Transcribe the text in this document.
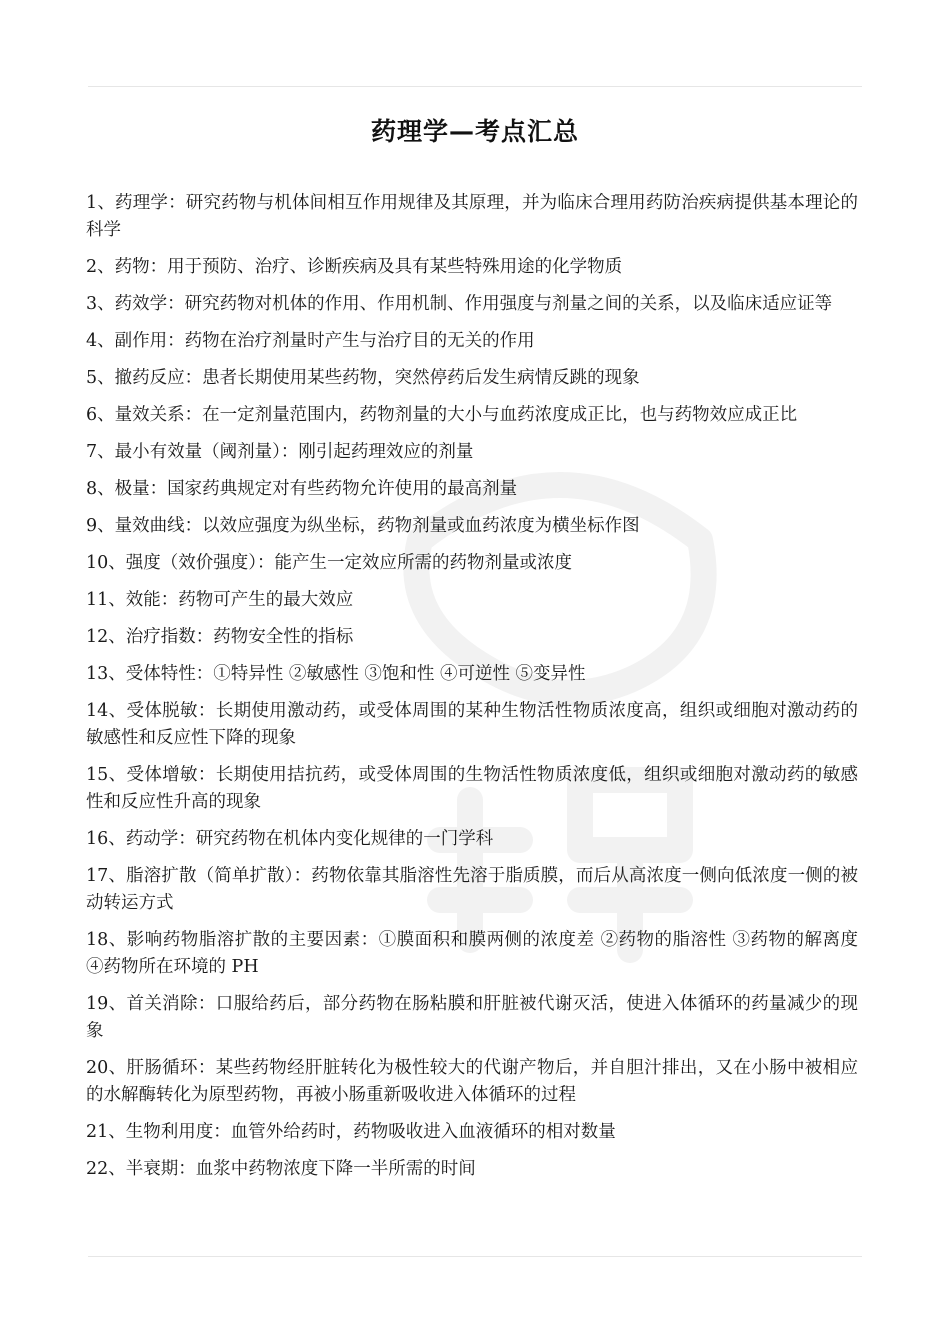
药理学—考点汇总
1、药理学：研究药物与机体间相互作用规律及其原理，并为临床合理用药防治疾病提供基本理论的科学
2、药物：用于预防、治疗、诊断疾病及具有某些特殊用途的化学物质
3、药效学：研究药物对机体的作用、作用机制、作用强度与剂量之间的关系，以及临床适应证等
4、副作用：药物在治疗剂量时产生与治疗目的无关的作用
5、撤药反应：患者长期使用某些药物，突然停药后发生病情反跳的现象
6、量效关系：在一定剂量范围内，药物剂量的大小与血药浓度成正比，也与药物效应成正比
7、最小有效量（阈剂量）：刚引起药理效应的剂量
8、极量：国家药典规定对有些药物允许使用的最高剂量
9、量效曲线：以效应强度为纵坐标，药物剂量或血药浓度为横坐标作图
10、强度（效价强度）：能产生一定效应所需的药物剂量或浓度
11、效能：药物可产生的最大效应
12、治疗指数：药物安全性的指标
13、受体特性：①特异性 ②敏感性 ③饱和性 ④可逆性 ⑤变异性
14、受体脱敏：长期使用激动药，或受体周围的某种生物活性物质浓度高，组织或细胞对激动药的敏感性和反应性下降的现象
15、受体增敏：长期使用拮抗药，或受体周围的生物活性物质浓度低，组织或细胞对激动药的敏感性和反应性升高的现象
16、药动学：研究药物在机体内变化规律的一门学科
17、脂溶扩散（简单扩散）：药物依靠其脂溶性先溶于脂质膜，而后从高浓度一侧向低浓度一侧的被动转运方式
18、影响药物脂溶扩散的主要因素：①膜面积和膜两侧的浓度差 ②药物的脂溶性 ③药物的解离度 ④药物所在环境的 PH
19、首关消除：口服给药后，部分药物在肠粘膜和肝脏被代谢灭活，使进入体循环的药量减少的现象
20、肝肠循环：某些药物经肝脏转化为极性较大的代谢产物后，并自胆汁排出，又在小肠中被相应的水解酶转化为原型药物，再被小肠重新吸收进入体循环的过程
21、生物利用度：血管外给药时，药物吸收进入血液循环的相对数量
22、半衰期：血浆中药物浓度下降一半所需的时间
